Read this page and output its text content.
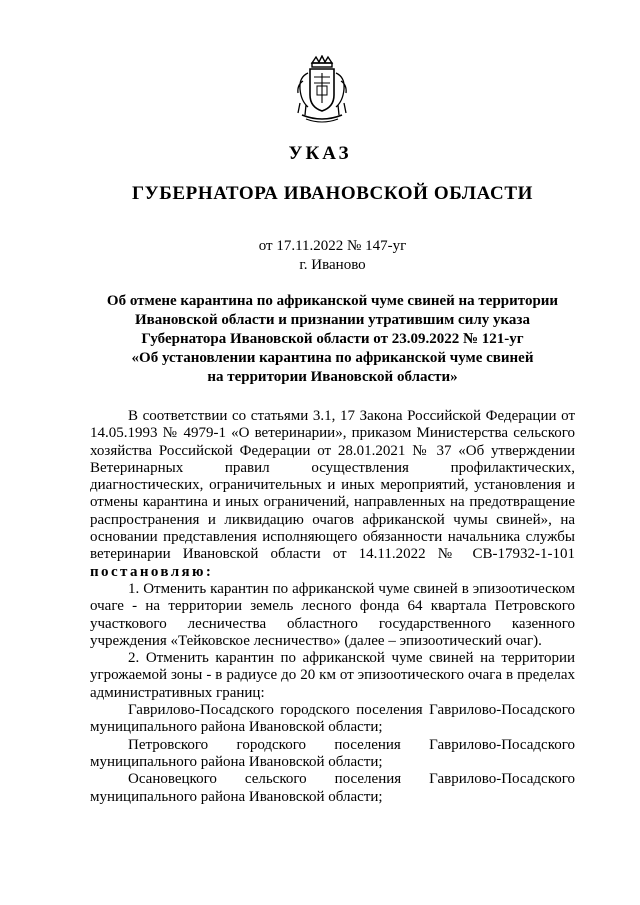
УКАЗ
ГУБЕРНАТОРА ИВАНОВСКОЙ ОБЛАСТИ
от 17.11.2022 № 147-уг
г. Иваново
Об отмене карантина по африканской чуме свиней на территории
Ивановской области и признании утратившим силу указа
Губернатора Ивановской области от 23.09.2022 № 121-уг
«Об установлении карантина по африканской чуме свиней
на территории Ивановской области»

В соответствии со статьями 3.1, 17 Закона Российской Федерации от 14.05.1993 № 4979-1 «О ветеринарии», приказом Министерства сельского хозяйства Российской Федерации от 28.01.2021 № 37 «Об утверждении Ветеринарных правил осуществления профилактических, диагностических, ограничительных и иных мероприятий, установления и отмены карантина и иных ограничений, направленных на предотвращение распространения и ликвидацию очагов африканской чумы свиней», на основании представления исполняющего обязанности начальника службы ветеринарии Ивановской области от 14.11.2022 № СВ-17932-1-101 постановляю:

1. Отменить карантин по африканской чуме свиней в эпизоотическом очаге - на территории земель лесного фонда 64 квартала Петровского участкового лесничества областного государственного казенного учреждения «Тейковское лесничество» (далее – эпизоотический очаг).

2. Отменить карантин по африканской чуме свиней на территории угрожаемой зоны - в радиусе до 20 км от эпизоотического очага в пределах административных границ:

Гаврилово-Посадского городского поселения Гаврилово-Посадского муниципального района Ивановской области;

Петровского городского поселения Гаврилово-Посадского муниципального района Ивановской области;

Осановецкого сельского поселения Гаврилово-Посадского муниципального района Ивановской области;
